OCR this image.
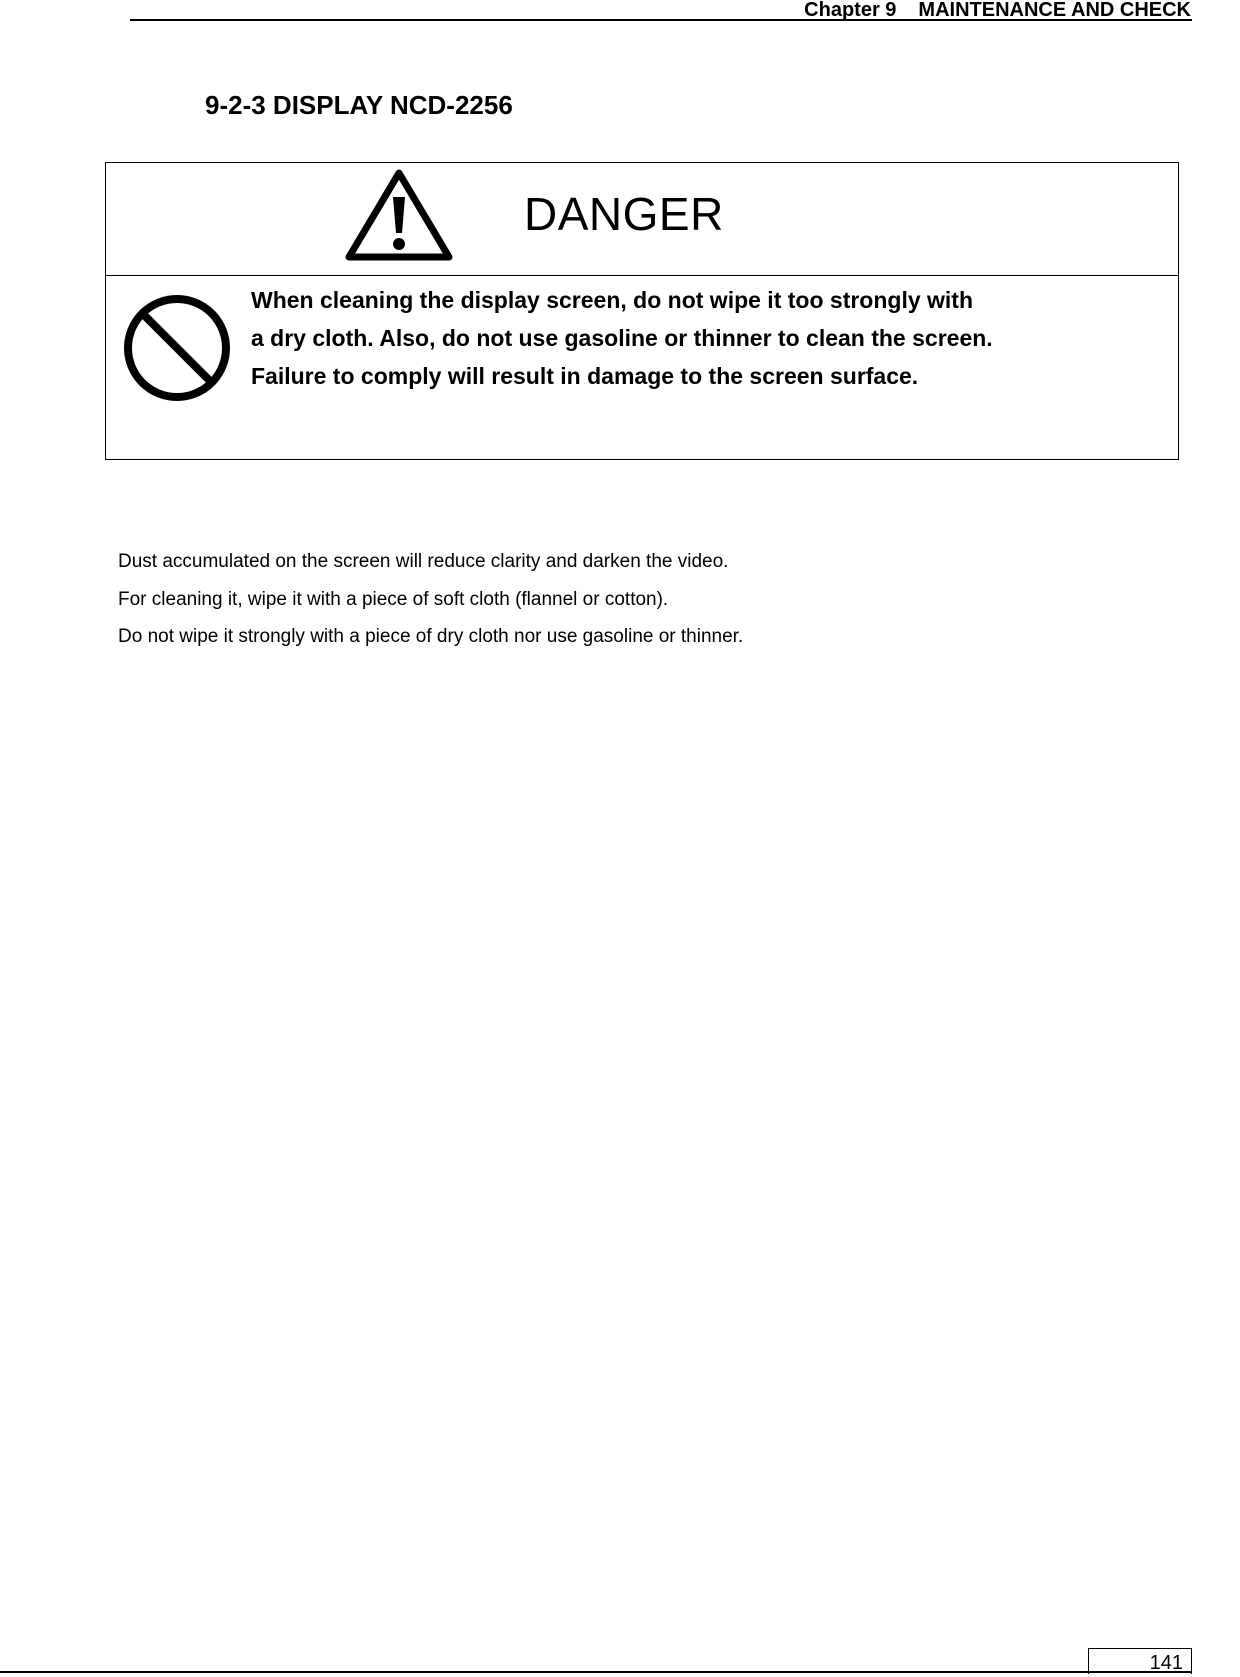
Chapter 9 MAINTENANCE AND CHECK
9-2-3 DISPLAY NCD-2256
DANGER
When cleaning the display screen, do not wipe it too strongly with
a dry cloth. Also, do not use gasoline or thinner to clean the screen.
Failure to comply will result in damage to the screen surface.
Dust accumulated on the screen will reduce clarity and darken the video.
For cleaning it, wipe it with a piece of soft cloth (flannel or cotton).
Do not wipe it strongly with a piece of dry cloth nor use gasoline or thinner.
141
